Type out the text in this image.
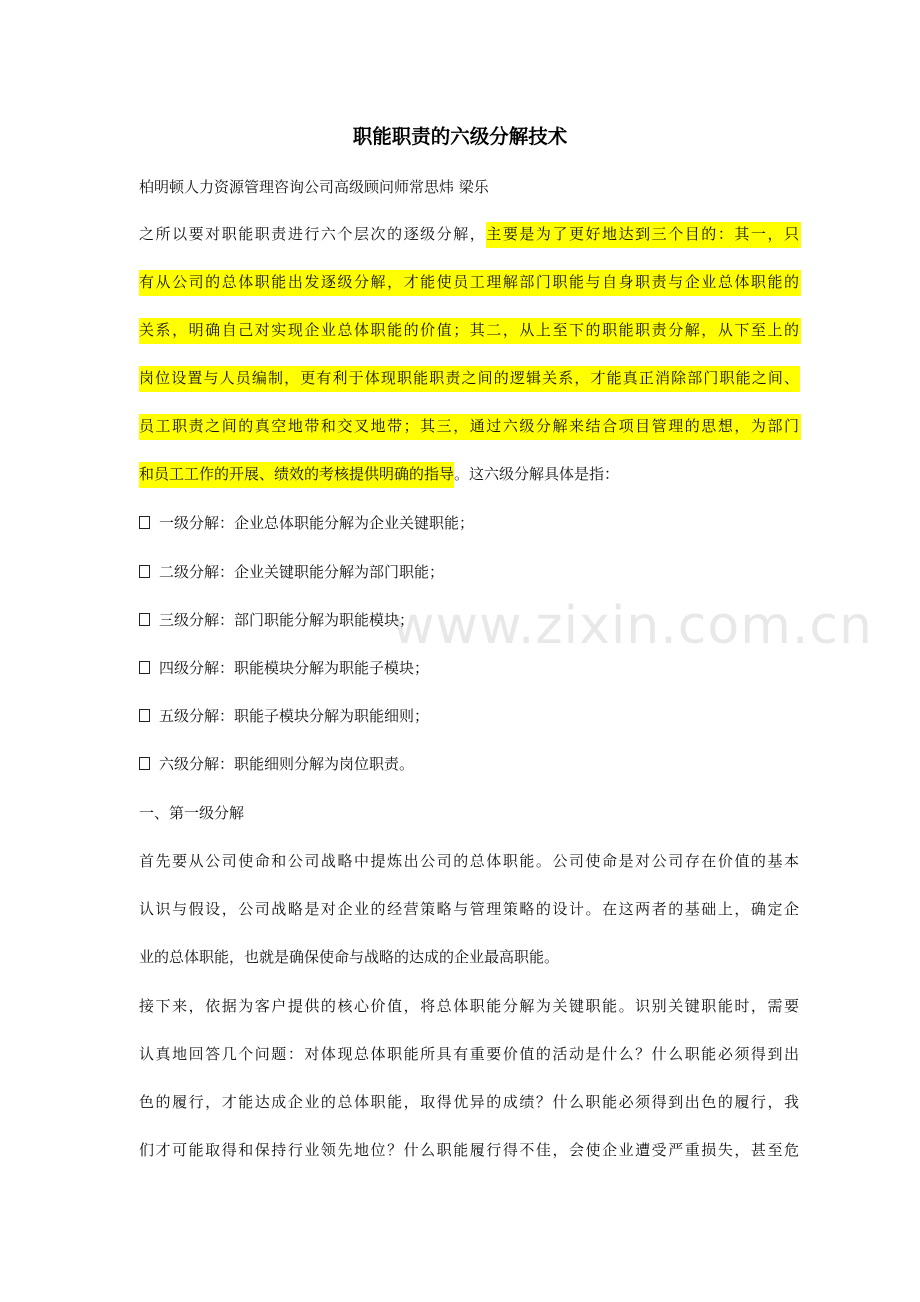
职能职责的六级分解技术
柏明顿人力资源管理咨询公司高级顾问师常思炜 梁乐
之所以要对职能职责进行六个层次的逐级分解，主要是为了更好地达到三个目的：其一，只
有从公司的总体职能出发逐级分解，才能使员工理解部门职能与自身职责与企业总体职能的
关系，明确自己对实现企业总体职能的价值；其二，从上至下的职能职责分解，从下至上的
岗位设置与人员编制，更有利于体现职能职责之间的逻辑关系，才能真正消除部门职能之间、
员工职责之间的真空地带和交叉地带；其三，通过六级分解来结合项目管理的思想，为部门
和员工工作的开展、绩效的考核提供明确的指导。这六级分解具体是指：
一级分解：企业总体职能分解为企业关键职能；
二级分解：企业关键职能分解为部门职能；
三级分解：部门职能分解为职能模块；
四级分解：职能模块分解为职能子模块；
五级分解：职能子模块分解为职能细则；
六级分解：职能细则分解为岗位职责。
一、第一级分解
首先要从公司使命和公司战略中提炼出公司的总体职能。公司使命是对公司存在价值的基本
认识与假设，公司战略是对企业的经营策略与管理策略的设计。在这两者的基础上，确定企
业的总体职能，也就是确保使命与战略的达成的企业最高职能。
接下来，依据为客户提供的核心价值，将总体职能分解为关键职能。识别关键职能时，需要
认真地回答几个问题：对体现总体职能所具有重要价值的活动是什么？什么职能必须得到出
色的履行，才能达成企业的总体职能，取得优异的成绩？什么职能必须得到出色的履行，我
们才可能取得和保持行业领先地位？什么职能履行得不佳，会使企业遭受严重损失，甚至危
www.zixin.com.cn
